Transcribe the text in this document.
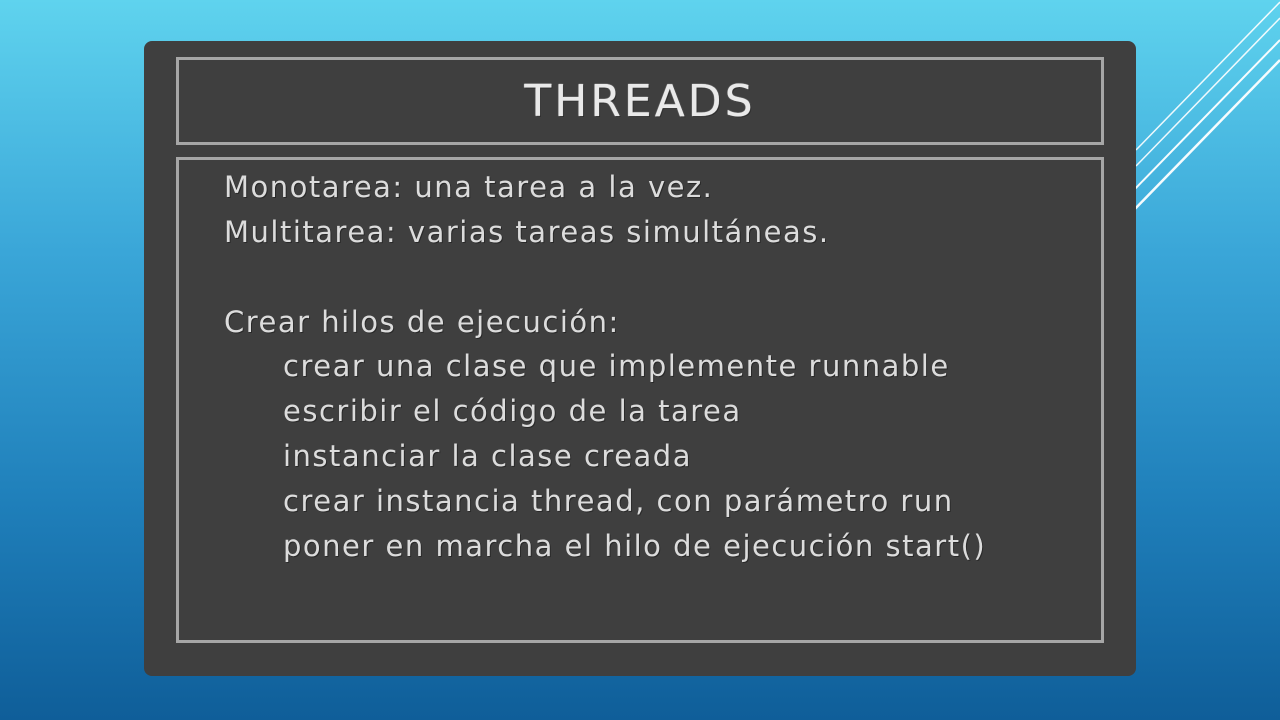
THREADS
Monotarea: una tarea a la vez.
Multitarea: varias tareas simultáneas.
Crear hilos de ejecución:
crear una clase que implemente runnable
escribir el código de la tarea
instanciar la clase creada
crear instancia thread, con parámetro run
poner en marcha el hilo de ejecución start()
